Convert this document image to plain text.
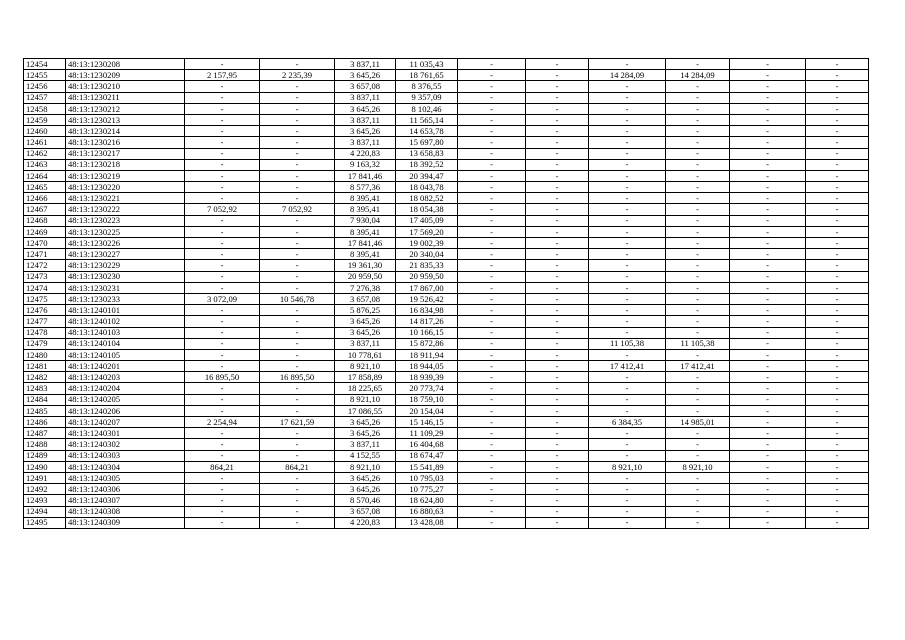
12454	48:13:1230208	-	-	3 837,11	11 035,43	-	-	-	-	-	-
12455	48:13:1230209	2 157,95	2 235,39	3 645,26	18 761,65	-	-	14 284,09	14 284,09	-	-
12456	48:13:1230210	-	-	3 657,08	8 376,55	-	-	-	-	-	-
12457	48:13:1230211	-	-	3 837,11	9 357,09	-	-	-	-	-	-
12458	48:13:1230212	-	-	3 645,26	8 102,46	-	-	-	-	-	-
12459	48:13:1230213	-	-	3 837,11	11 565,14	-	-	-	-	-	-
12460	48:13:1230214	-	-	3 645,26	14 653,78	-	-	-	-	-	-
12461	48:13:1230216	-	-	3 837,11	15 697,80	-	-	-	-	-	-
12462	48:13:1230217	-	-	4 220,83	13 658,83	-	-	-	-	-	-
12463	48:13:1230218	-	-	9 163,32	18 392,52	-	-	-	-	-	-
12464	48:13:1230219	-	-	17 841,46	20 394,47	-	-	-	-	-	-
12465	48:13:1230220	-	-	8 577,36	18 043,78	-	-	-	-	-	-
12466	48:13:1230221	-	-	8 395,41	18 082,52	-	-	-	-	-	-
12467	48:13:1230222	7 052,92	7 052,92	8 395,41	18 054,38	-	-	-	-	-	-
12468	48:13:1230223	-	-	7 930,04	17 405,09	-	-	-	-	-	-
12469	48:13:1230225	-	-	8 395,41	17 569,20	-	-	-	-	-	-
12470	48:13:1230226	-	-	17 841,46	19 002,39	-	-	-	-	-	-
12471	48:13:1230227	-	-	8 395,41	20 340,04	-	-	-	-	-	-
12472	48:13:1230229	-	-	19 361,30	21 835,33	-	-	-	-	-	-
12473	48:13:1230230	-	-	20 959,50	20 959,50	-	-	-	-	-	-
12474	48:13:1230231	-	-	7 276,38	17 867,00	-	-	-	-	-	-
12475	48:13:1230233	3 072,09	10 546,78	3 657,08	19 526,42	-	-	-	-	-	-
12476	48:13:1240101	-	-	5 876,25	16 834,98	-	-	-	-	-	-
12477	48:13:1240102	-	-	3 645,26	14 817,26	-	-	-	-	-	-
12478	48:13:1240103	-	-	3 645,26	10 166,15	-	-	-	-	-	-
12479	48:13:1240104	-	-	3 837,11	15 872,86	-	-	11 105,38	11 105,38	-	-
12480	48:13:1240105	-	-	10 778,61	18 911,94	-	-	-	-	-	-
12481	48:13:1240201	-	-	8 921,10	18 944,05	-	-	17 412,41	17 412,41	-	-
12482	48:13:1240203	16 895,50	16 895,50	17 858,89	18 939,39	-	-	-	-	-	-
12483	48:13:1240204	-	-	18 225,65	20 773,74	-	-	-	-	-	-
12484	48:13:1240205	-	-	8 921,10	18 759,10	-	-	-	-	-	-
12485	48:13:1240206	-	-	17 086,55	20 154,04	-	-	-	-	-	-
12486	48:13:1240207	2 254,94	17 621,59	3 645,26	15 146,15	-	-	6 384,35	14 985,01	-	-
12487	48:13:1240301	-	-	3 645,26	11 109,29	-	-	-	-	-	-
12488	48:13:1240302	-	-	3 837,11	16 404,68	-	-	-	-	-	-
12489	48:13:1240303	-	-	4 152,55	18 674,47	-	-	-	-	-	-
12490	48:13:1240304	864,21	864,21	8 921,10	15 541,89	-	-	8 921,10	8 921,10	-	-
12491	48:13:1240305	-	-	3 645,26	10 795,03	-	-	-	-	-	-
12492	48:13:1240306	-	-	3 645,26	10 775,27	-	-	-	-	-	-
12493	48:13:1240307	-	-	8 570,46	18 624,80	-	-	-	-	-	-
12494	48:13:1240308	-	-	3 657,08	16 880,63	-	-	-	-	-	-
12495	48:13:1240309	-	-	4 220,83	13 428,08	-	-	-	-	-	-
